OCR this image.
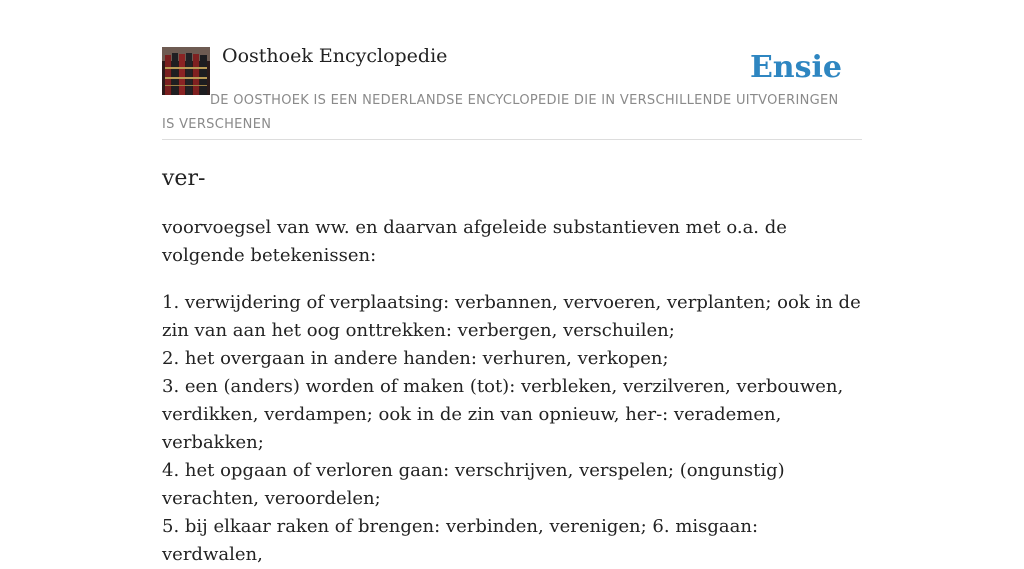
Oosthoek Encyclopedie	Ensie
DE OOSTHOEK IS EEN NEDERLANDSE ENCYCLOPEDIE DIE IN VERSCHILLENDE UITVOERINGEN IS VERSCHENEN
ver-

voorvoegsel van ww. en daarvan afgeleide substantieven met o.a. de volgende betekenissen:

1. verwijdering of verplaatsing: verbannen, vervoeren, verplanten; ook in de zin van aan het oog onttrekken: verbergen, verschuilen;
2. het overgaan in andere handen: verhuren, verkopen;
3. een (anders) worden of maken (tot): verbleken, verzilveren, verbouwen, verdikken, verdampen; ook in de zin van opnieuw, her-: verademen, verbakken;
4. het opgaan of verloren gaan: verschrijven, verspelen; (ongunstig) verachten, veroordelen;
5. bij elkaar raken of brengen: verbinden, verenigen; 6. misgaan: verdwalen,
